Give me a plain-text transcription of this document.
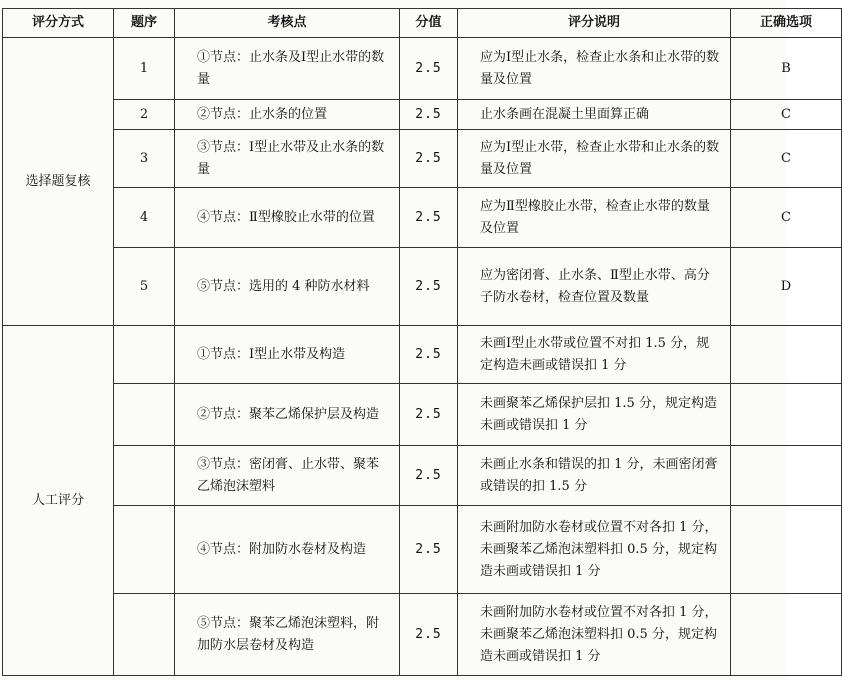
评分方式	题序	考核点	分值	评分说明	正确选项
选择题复核	1	①节点：止水条及Ⅰ型止水带的数量	2.5	应为Ⅰ型止水条，检查止水条和止水带的数量及位置	B
	2	②节点：止水条的位置	2.5	止水条画在混凝土里面算正确	C
	3	③节点：Ⅰ型止水带及止水条的数量	2.5	应为Ⅰ型止水带，检查止水带和止水条的数量及位置	C
	4	④节点：Ⅱ型橡胶止水带的位置	2.5	应为Ⅱ型橡胶止水带，检查止水带的数量及位置	C
	5	⑤节点：选用的 4 种防水材料	2.5	应为密闭膏、止水条、Ⅱ型止水带、高分子防水卷材，检查位置及数量	D
人工评分		①节点：Ⅰ型止水带及构造	2.5	未画Ⅰ型止水带或位置不对扣 1.5 分，规定构造未画或错误扣 1 分	
		②节点：聚苯乙烯保护层及构造	2.5	未画聚苯乙烯保护层扣 1.5 分，规定构造未画或错误扣 1 分	
		③节点：密闭膏、止水带、聚苯乙烯泡沫塑料	2.5	未画止水条和错误的扣 1 分，未画密闭膏或错误的扣 1.5 分	
		④节点：附加防水卷材及构造	2.5	未画附加防水卷材或位置不对各扣 1 分，未画聚苯乙烯泡沫塑料扣 0.5 分，规定构造未画或错误扣 1 分	
		⑤节点：聚苯乙烯泡沫塑料，附加防水层卷材及构造	2.5	未画附加防水卷材或位置不对各扣 1 分，未画聚苯乙烯泡沫塑料扣 0.5 分，规定构造未画或错误扣 1 分	
